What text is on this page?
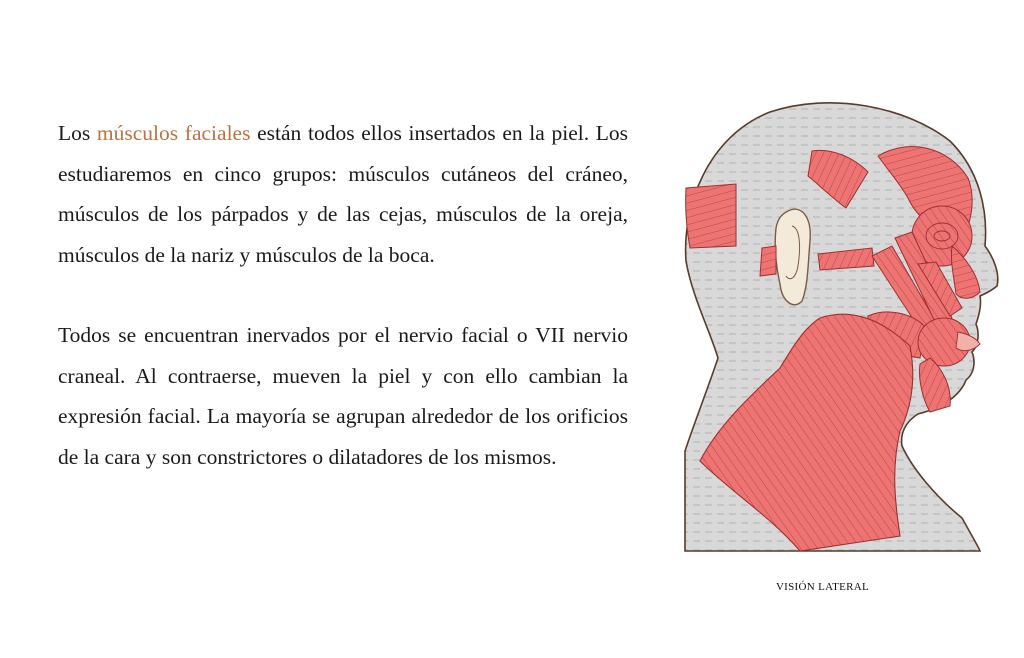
Los músculos faciales están todos ellos insertados en la piel. Los estudiaremos en cinco grupos: músculos cutáneos del cráneo, músculos de los párpados y de las cejas, músculos de la oreja, músculos de la nariz y músculos de la boca.

Todos se encuentran inervados por el nervio facial o VII nervio craneal. Al contraerse, mueven la piel y con ello cambian la expresión facial. La mayoría se agrupan alrededor de los orificios de la cara y son constrictores o dilatadores de los mismos.

VISIÓN LATERAL
